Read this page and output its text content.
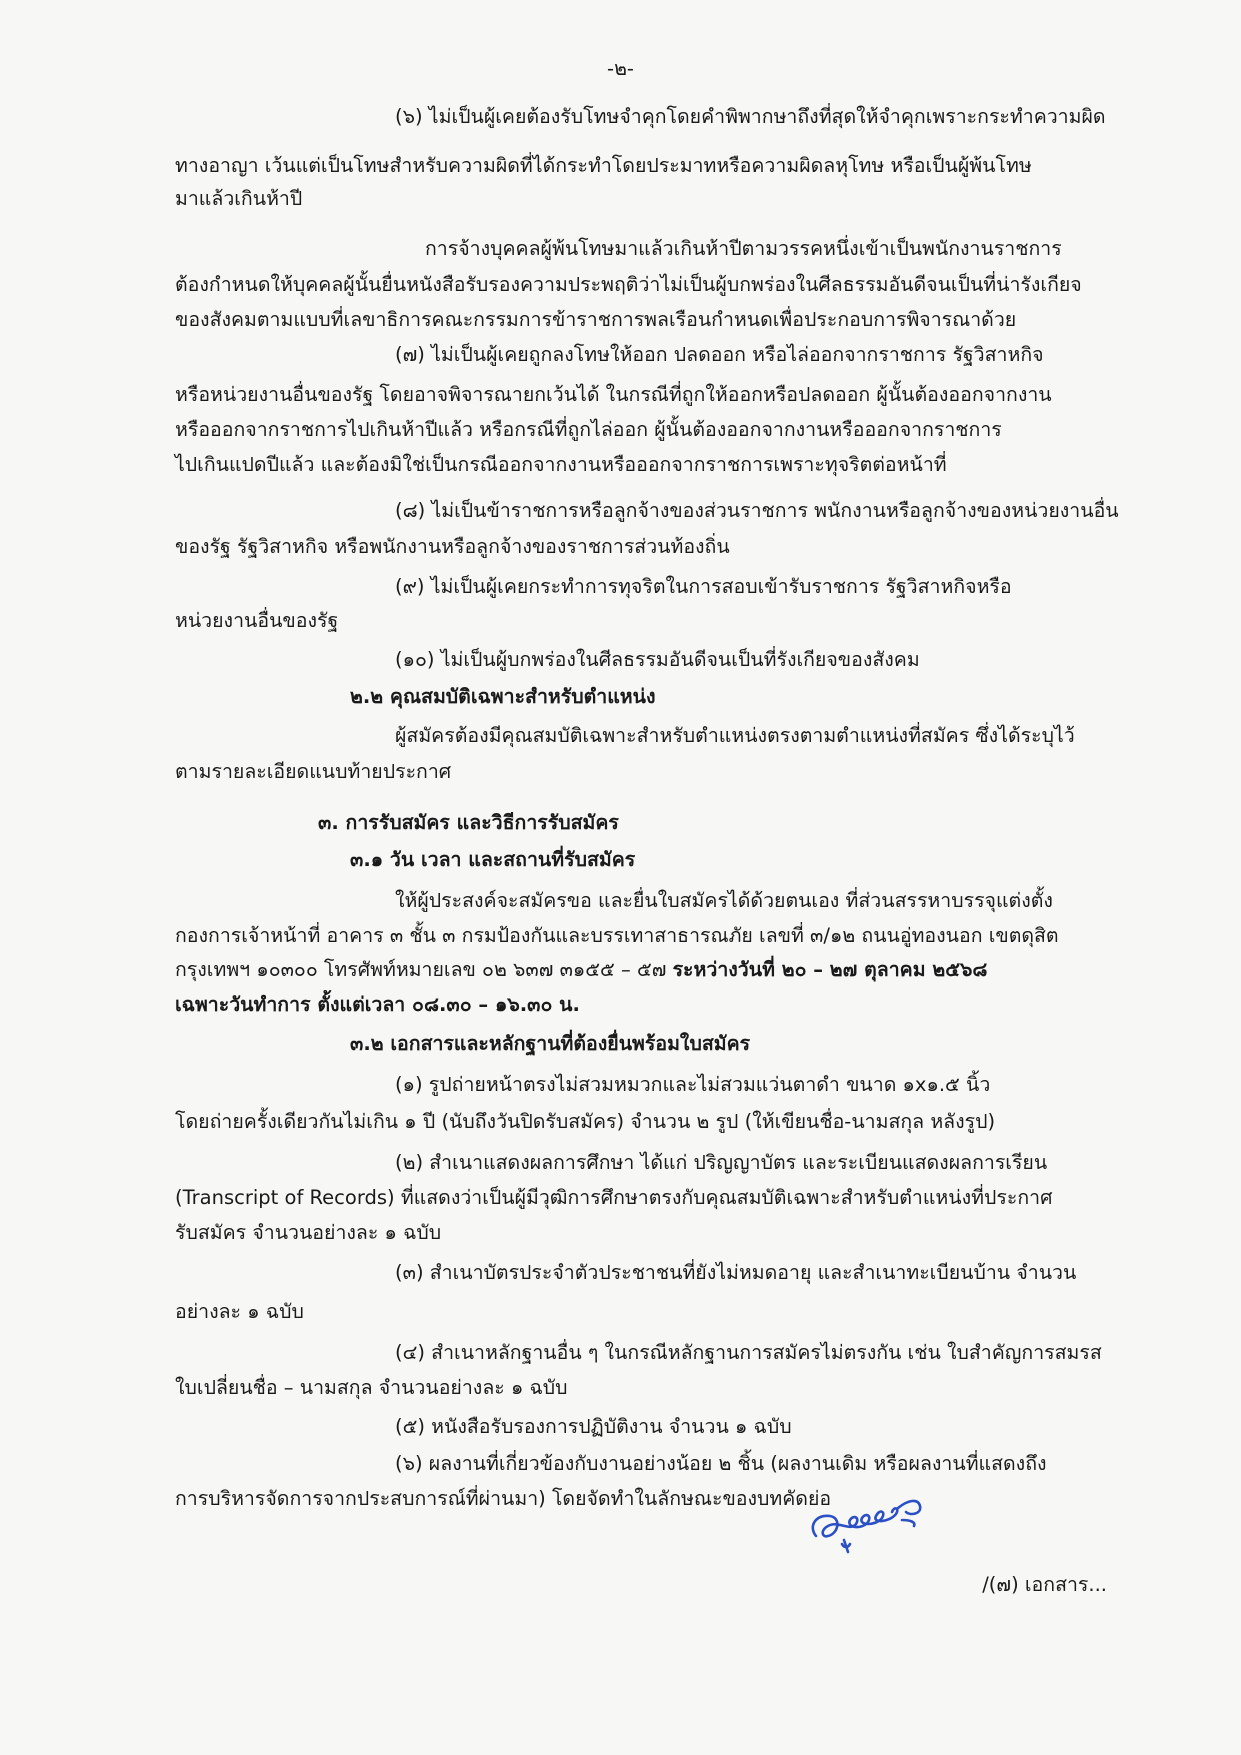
-๒-
(๖) ไม่เป็นผู้เคยต้องรับโทษจำคุกโดยคำพิพากษาถึงที่สุดให้จำคุกเพราะกระทำความผิด
ทางอาญา เว้นแต่เป็นโทษสำหรับความผิดที่ได้กระทำโดยประมาทหรือความผิดลหุโทษ หรือเป็นผู้พ้นโทษ
มาแล้วเกินห้าปี
การจ้างบุคคลผู้พ้นโทษมาแล้วเกินห้าปีตามวรรคหนึ่งเข้าเป็นพนักงานราชการ
ต้องกำหนดให้บุคคลผู้นั้นยื่นหนังสือรับรองความประพฤติว่าไม่เป็นผู้บกพร่องในศีลธรรมอันดีจนเป็นที่น่ารังเกียจ
ของสังคมตามแบบที่เลขาธิการคณะกรรมการข้าราชการพลเรือนกำหนดเพื่อประกอบการพิจารณาด้วย
(๗) ไม่เป็นผู้เคยถูกลงโทษให้ออก ปลดออก หรือไล่ออกจากราชการ รัฐวิสาหกิจ
หรือหน่วยงานอื่นของรัฐ โดยอาจพิจารณายกเว้นได้ ในกรณีที่ถูกให้ออกหรือปลดออก ผู้นั้นต้องออกจากงาน
หรือออกจากราชการไปเกินห้าปีแล้ว หรือกรณีที่ถูกไล่ออก ผู้นั้นต้องออกจากงานหรือออกจากราชการ
ไปเกินแปดปีแล้ว และต้องมิใช่เป็นกรณีออกจากงานหรือออกจากราชการเพราะทุจริตต่อหน้าที่
(๘) ไม่เป็นข้าราชการหรือลูกจ้างของส่วนราชการ พนักงานหรือลูกจ้างของหน่วยงานอื่น
ของรัฐ รัฐวิสาหกิจ หรือพนักงานหรือลูกจ้างของราชการส่วนท้องถิ่น
(๙) ไม่เป็นผู้เคยกระทำการทุจริตในการสอบเข้ารับราชการ รัฐวิสาหกิจหรือ
หน่วยงานอื่นของรัฐ
(๑๐) ไม่เป็นผู้บกพร่องในศีลธรรมอันดีจนเป็นที่รังเกียจของสังคม
๒.๒ คุณสมบัติเฉพาะสำหรับตำแหน่ง
ผู้สมัครต้องมีคุณสมบัติเฉพาะสำหรับตำแหน่งตรงตามตำแหน่งที่สมัคร ซึ่งได้ระบุไว้
ตามรายละเอียดแนบท้ายประกาศ
๓. การรับสมัคร และวิธีการรับสมัคร
๓.๑ วัน เวลา และสถานที่รับสมัคร
ให้ผู้ประสงค์จะสมัครขอ และยื่นใบสมัครได้ด้วยตนเอง ที่ส่วนสรรหาบรรจุแต่งตั้ง
กองการเจ้าหน้าที่ อาคาร ๓ ชั้น ๓ กรมป้องกันและบรรเทาสาธารณภัย เลขที่ ๓/๑๒ ถนนอู่ทองนอก เขตดุสิต
กรุงเทพฯ ๑๐๓๐๐ โทรศัพท์หมายเลข ๐๒ ๖๓๗ ๓๑๕๕ – ๕๗ ระหว่างวันที่ ๒๐ – ๒๗ ตุลาคม ๒๕๖๘
เฉพาะวันทำการ ตั้งแต่เวลา ๐๘.๓๐ – ๑๖.๓๐ น.
๓.๒ เอกสารและหลักฐานที่ต้องยื่นพร้อมใบสมัคร
(๑) รูปถ่ายหน้าตรงไม่สวมหมวกและไม่สวมแว่นตาดำ ขนาด ๑x๑.๕ นิ้ว
โดยถ่ายครั้งเดียวกันไม่เกิน ๑ ปี (นับถึงวันปิดรับสมัคร) จำนวน ๒ รูป (ให้เขียนชื่อ-นามสกุล หลังรูป)
(๒) สำเนาแสดงผลการศึกษา ได้แก่ ปริญญาบัตร และระเบียนแสดงผลการเรียน
(Transcript of Records) ที่แสดงว่าเป็นผู้มีวุฒิการศึกษาตรงกับคุณสมบัติเฉพาะสำหรับตำแหน่งที่ประกาศ
รับสมัคร จำนวนอย่างละ ๑ ฉบับ
(๓) สำเนาบัตรประจำตัวประชาชนที่ยังไม่หมดอายุ และสำเนาทะเบียนบ้าน จำนวน
อย่างละ ๑ ฉบับ
(๔) สำเนาหลักฐานอื่น ๆ ในกรณีหลักฐานการสมัครไม่ตรงกัน เช่น ใบสำคัญการสมรส
ใบเปลี่ยนชื่อ – นามสกุล จำนวนอย่างละ ๑ ฉบับ
(๕) หนังสือรับรองการปฏิบัติงาน จำนวน ๑ ฉบับ
(๖) ผลงานที่เกี่ยวข้องกับงานอย่างน้อย ๒ ชิ้น (ผลงานเดิม หรือผลงานที่แสดงถึง
การบริหารจัดการจากประสบการณ์ที่ผ่านมา) โดยจัดทำในลักษณะของบทคัดย่อ
/(๗) เอกสาร...
